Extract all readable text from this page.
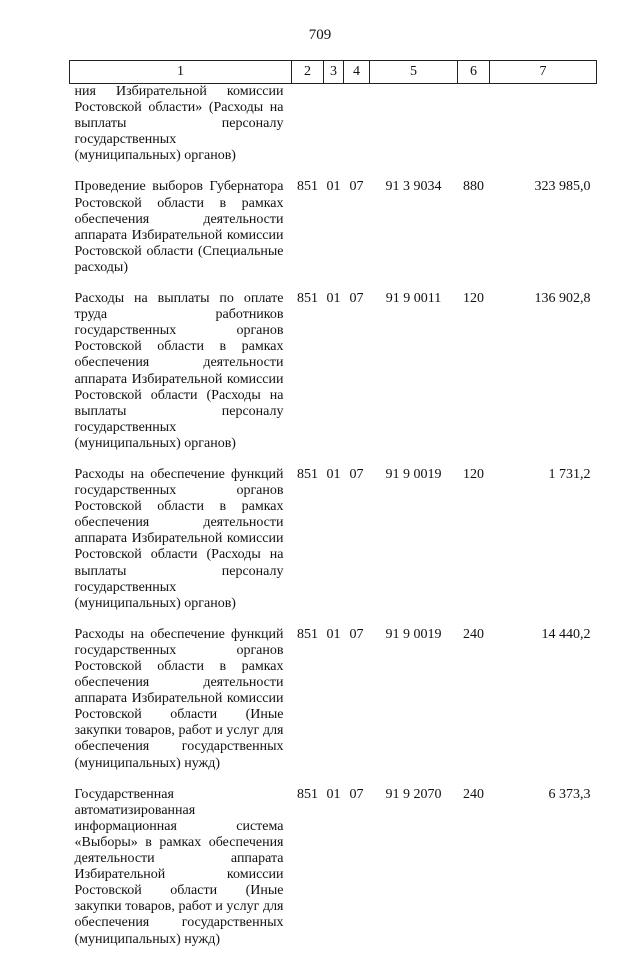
709
1	2	3	4	5	6	7
ния Избирательной комиссии Ростовской области» (Расходы на выплаты персоналу государственных (муниципальных) органов)						
Проведение выборов Губернатора Ростовской области в рамках обеспечения деятельности аппарата Избирательной комиссии Ростовской области (Специальные расходы)	851	01	07	91 3 9034	880	323 985,0
Расходы на выплаты по оплате труда работников государственных органов Ростовской области в рамках обеспечения деятельности аппарата Избирательной комиссии Ростовской области (Расходы на выплаты персоналу государственных (муниципальных) органов)	851	01	07	91 9 0011	120	136 902,8
Расходы на обеспечение функций государственных органов Ростовской области в рамках обеспечения деятельности аппарата Избирательной комиссии Ростовской области (Расходы на выплаты персоналу государственных (муниципальных) органов)	851	01	07	91 9 0019	120	1 731,2
Расходы на обеспечение функций государственных органов Ростовской области в рамках обеспечения деятельности аппарата Избирательной комиссии Ростовской области (Иные закупки товаров, работ и услуг для обеспечения государственных (муниципальных) нужд)	851	01	07	91 9 0019	240	14 440,2
Государственная автоматизированная информационная система «Выборы» в рамках обеспечения деятельности аппарата Избирательной комиссии Ростовской области (Иные закупки товаров, работ и услуг для обеспечения государственных (муниципальных) нужд)	851	01	07	91 9 2070	240	6 373,3
